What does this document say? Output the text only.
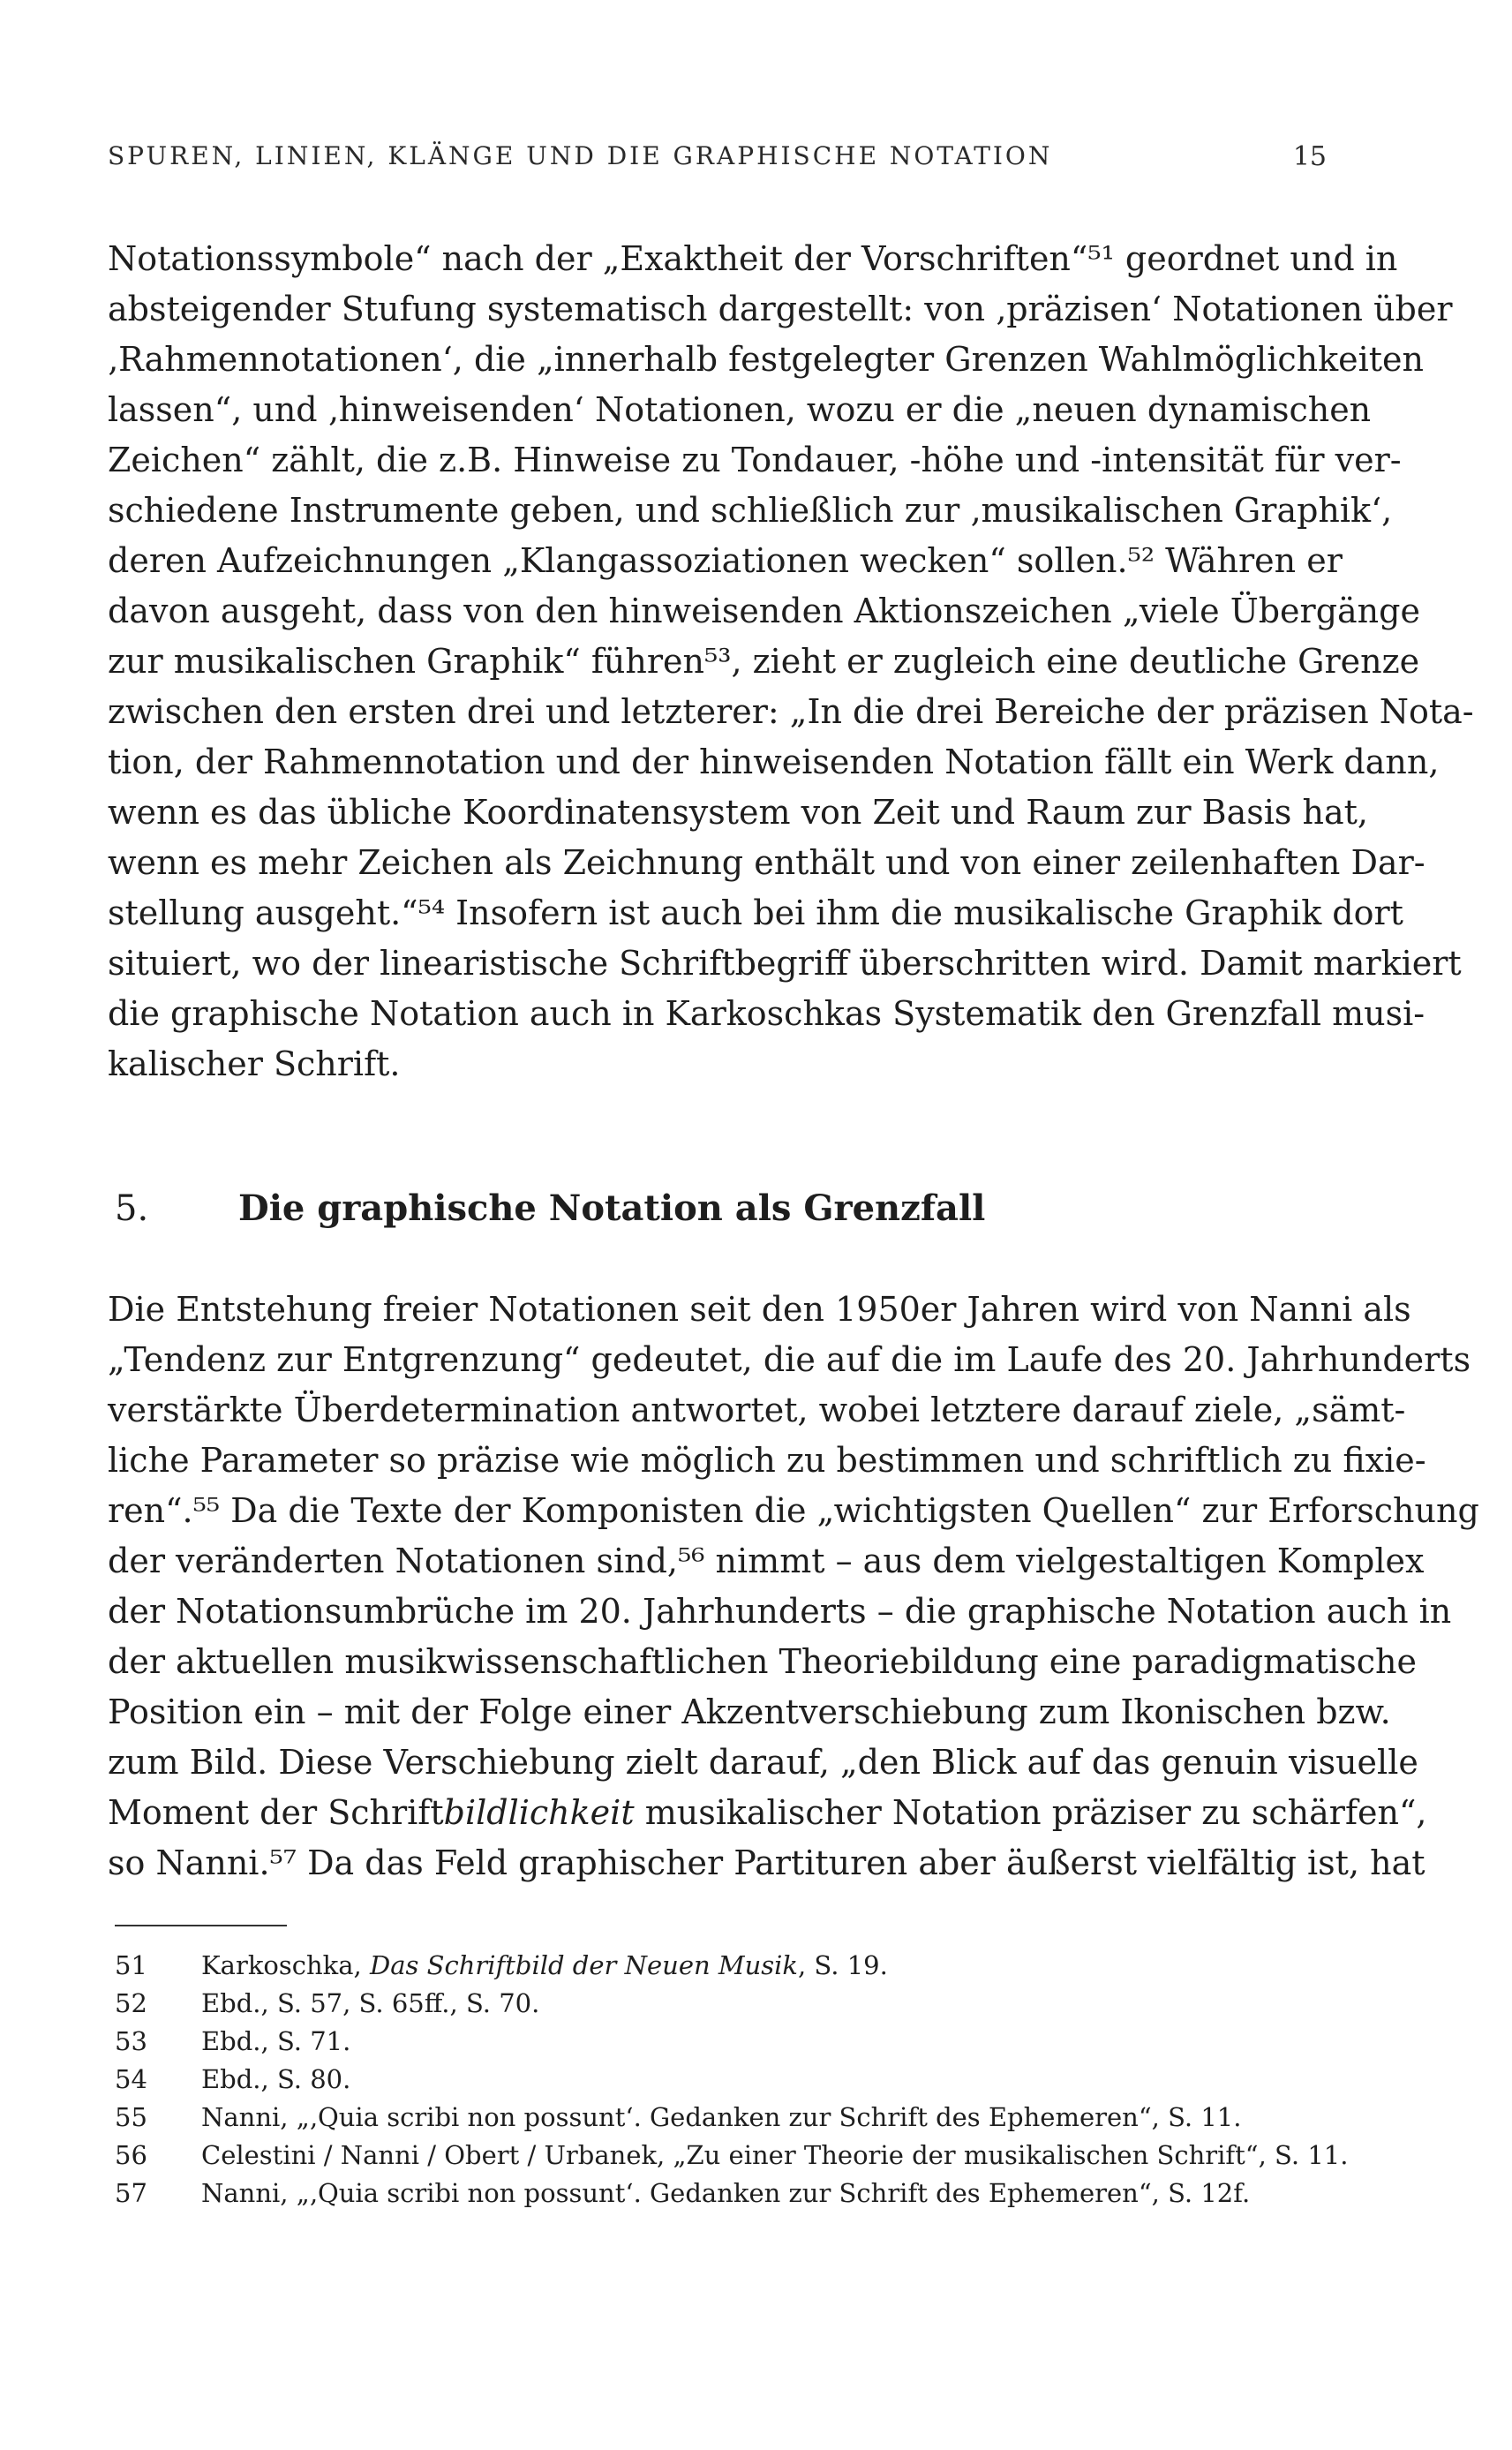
SPUREN, LINIEN, KLÄNGE UND DIE GRAPHISCHE NOTATION	15

Notationssymbole“ nach der „Exaktheit der Vorschriften“⁵¹ geordnet und in
absteigender Stufung systematisch dargestellt: von ‚präzisen‘ Notationen über
‚Rahmennotationen‘, die „innerhalb festgelegter Grenzen Wahlmöglichkeiten
lassen“, und ‚hinweisenden‘ Notationen, wozu er die „neuen dynamischen
Zeichen“ zählt, die z.B. Hinweise zu Tondauer, -höhe und -intensität für ver-
schiedene Instrumente geben, und schließlich zur ‚musikalischen Graphik‘,
deren Aufzeichnungen „Klangassoziationen wecken“ sollen.⁵² Währen er
davon ausgeht, dass von den hinweisenden Aktionszeichen „viele Übergänge
zur musikalischen Graphik“ führen⁵³, zieht er zugleich eine deutliche Grenze
zwischen den ersten drei und letzterer: „In die drei Bereiche der präzisen Nota-
tion, der Rahmennotation und der hinweisenden Notation fällt ein Werk dann,
wenn es das übliche Koordinatensystem von Zeit und Raum zur Basis hat,
wenn es mehr Zeichen als Zeichnung enthält und von einer zeilenhaften Dar-
stellung ausgeht.“⁵⁴ Insofern ist auch bei ihm die musikalische Graphik dort
situiert, wo der linearistische Schriftbegriff überschritten wird. Damit markiert
die graphische Notation auch in Karkoschkas Systematik den Grenzfall musi-
kalischer Schrift.

5.	Die graphische Notation als Grenzfall

Die Entstehung freier Notationen seit den 1950er Jahren wird von Nanni als
„Tendenz zur Entgrenzung“ gedeutet, die auf die im Laufe des 20. Jahrhunderts
verstärkte Überdetermination antwortet, wobei letztere darauf ziele, „sämt-
liche Parameter so präzise wie möglich zu bestimmen und schriftlich zu fixie-
ren“.⁵⁵ Da die Texte der Komponisten die „wichtigsten Quellen“ zur Erforschung
der veränderten Notationen sind,⁵⁶ nimmt – aus dem vielgestaltigen Komplex
der Notationsumbrüche im 20. Jahrhunderts – die graphische Notation auch in
der aktuellen musikwissenschaftlichen Theoriebildung eine paradigmatische
Position ein – mit der Folge einer Akzentverschiebung zum Ikonischen bzw.
zum Bild. Diese Verschiebung zielt darauf, „den Blick auf das genuin visuelle
Moment der Schriftbildlichkeit musikalischer Notation präziser zu schärfen“,
so Nanni.⁵⁷ Da das Feld graphischer Partituren aber äußerst vielfältig ist, hat

51	Karkoschka, Das Schriftbild der Neuen Musik, S. 19.
52	Ebd., S. 57, S. 65ff., S. 70.
53	Ebd., S. 71.
54	Ebd., S. 80.
55	Nanni, „‚Quia scribi non possunt‘. Gedanken zur Schrift des Ephemeren“, S. 11.
56	Celestini / Nanni / Obert / Urbanek, „Zu einer Theorie der musikalischen Schrift“, S. 11.
57	Nanni, „‚Quia scribi non possunt‘. Gedanken zur Schrift des Ephemeren“, S. 12f.
